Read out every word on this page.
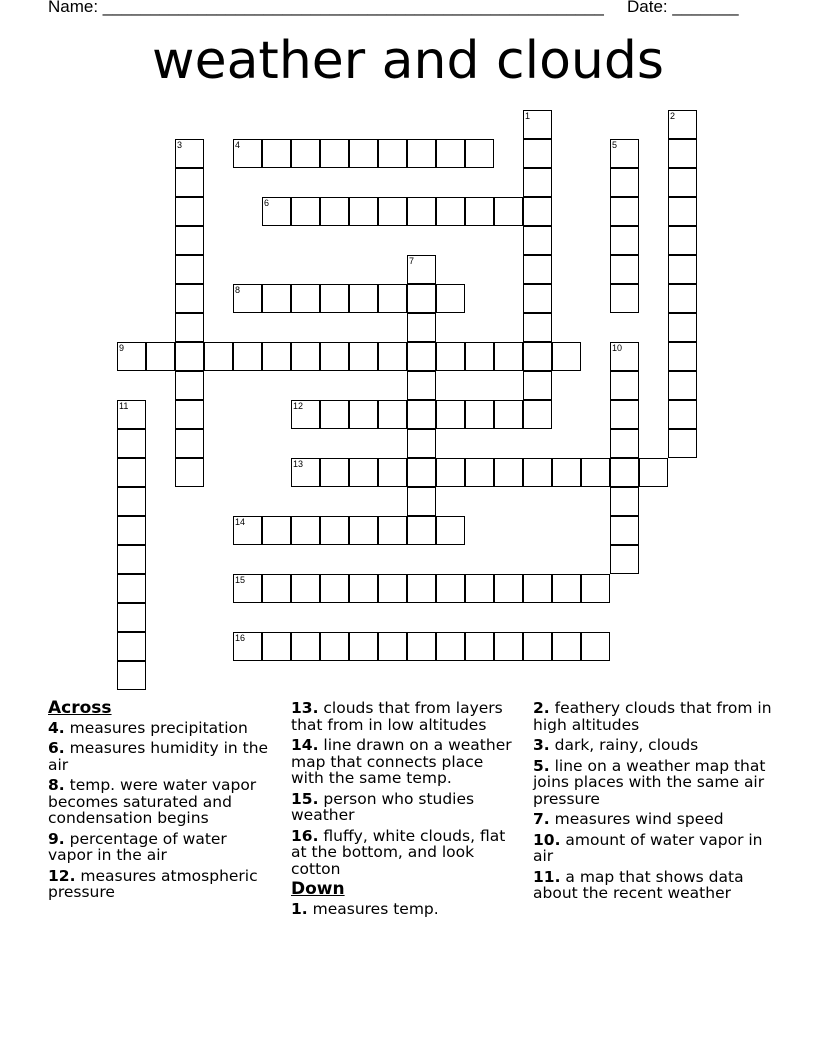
Name: _____________________________________________________ Date: _______
weather and clouds
1	2
3	4	5
6
7
8
9	10
11	12
13
14
15
16
Across
4. measures precipitation
6. measures humidity in the air
8. temp. were water vapor becomes saturated and condensation begins
9. percentage of water vapor in the air
12. measures atmospheric pressure
13. clouds that from layers that from in low altitudes
14. line drawn on a weather map that connects place with the same temp.
15. person who studies weather
16. fluffy, white clouds, flat at the bottom, and look cotton
Down
1. measures temp.
2. feathery clouds that from in high altitudes
3. dark, rainy, clouds
5. line on a weather map that joins places with the same air pressure
7. measures wind speed
10. amount of water vapor in air
11. a map that shows data about the recent weather
